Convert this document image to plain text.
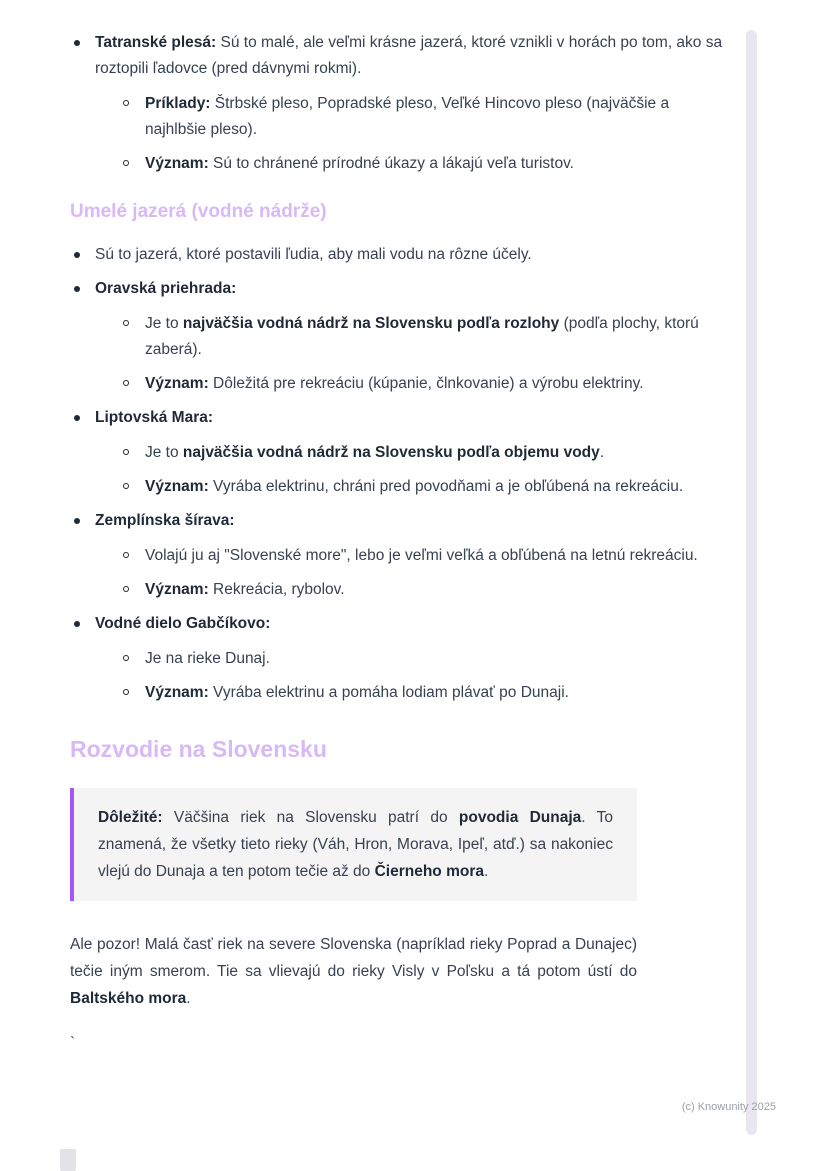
Tatranské plesá: Sú to malé, ale veľmi krásne jazerá, ktoré vznikli v horách po tom, ako sa roztopili ľadovce (pred dávnymi rokmi).
Príklady: Štrbské pleso, Popradské pleso, Veľké Hincovo pleso (najväčšie a najhlbšie pleso).
Význam: Sú to chránené prírodné úkazy a lákajú veľa turistov.
Umelé jazerá (vodné nádrže)
Sú to jazerá, ktoré postavili ľudia, aby mali vodu na rôzne účely.
Oravská priehrada:
Je to najväčšia vodná nádrž na Slovensku podľa rozlohy (podľa plochy, ktorú zaberá).
Význam: Dôležitá pre rekreáciu (kúpanie, člnkovanie) a výrobu elektriny.
Liptovská Mara:
Je to najväčšia vodná nádrž na Slovensku podľa objemu vody.
Význam: Vyrába elektrinu, chráni pred povodňami a je obľúbená na rekreáciu.
Zemplínska šírava:
Volajú ju aj "Slovenské more", lebo je veľmi veľká a obľúbená na letnú rekreáciu.
Význam: Rekreácia, rybolov.
Vodné dielo Gabčíkovo:
Je na rieke Dunaj.
Význam: Vyrába elektrinu a pomáha lodiam plávať po Dunaji.
Rozvodie na Slovensku

Dôležité: Väčšina riek na Slovensku patrí do povodia Dunaja. To znamená, že všetky tieto rieky (Váh, Hron, Morava, Ipeľ, atď.) sa nakoniec vlejú do Dunaja a ten potom tečie až do Čierneho mora.

Ale pozor! Malá časť riek na severe Slovenska (napríklad rieky Poprad a Dunajec) tečie iným smerom. Tie sa vlievajú do rieky Visly v Poľsku a tá potom ústí do Baltského mora.

`

(c) Knowunity 2025
